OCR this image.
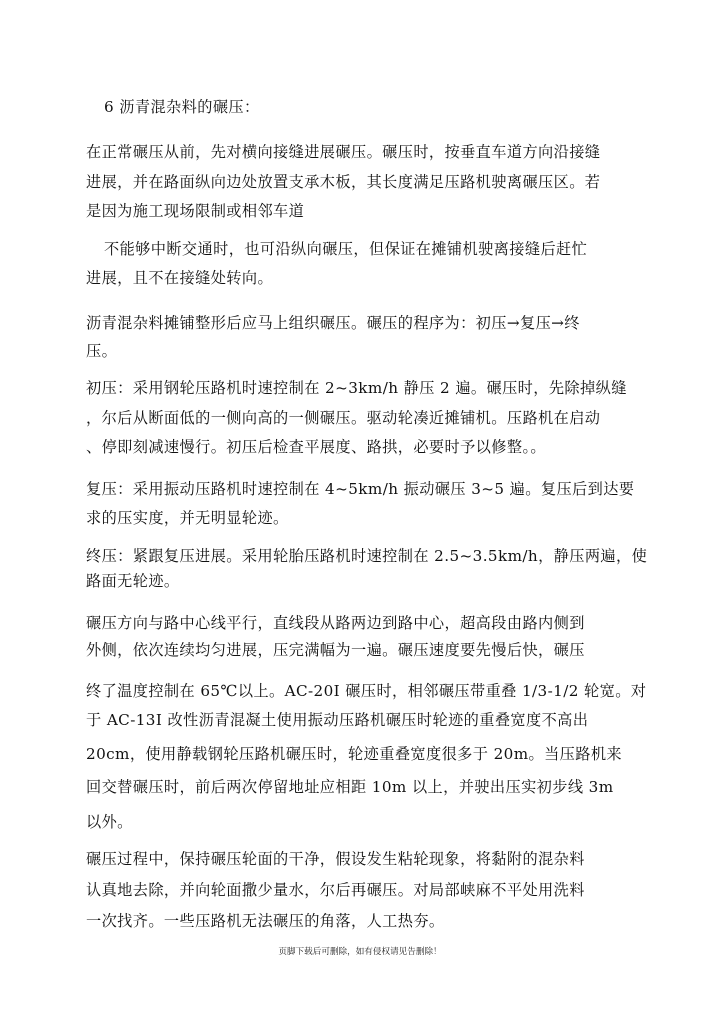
6 沥青混杂料的碾压：
在正常碾压从前，先对横向接缝进展碾压。碾压时，按垂直车道方向沿接缝
进展，并在路面纵向边处放置支承木板，其长度满足压路机驶离碾压区。若
是因为施工现场限制或相邻车道
不能够中断交通时，也可沿纵向碾压，但保证在摊铺机驶离接缝后赶忙
进展，且不在接缝处转向。
沥青混杂料摊铺整形后应马上组织碾压。碾压的程序为：初压→复压→终
压。
初压：采用钢轮压路机时速控制在 2~3km/h 静压 2 遍。碾压时，先除掉纵缝
，尔后从断面低的一侧向高的一侧碾压。驱动轮凑近摊铺机。压路机在启动
、停即刻减速慢行。初压后检查平展度、路拱，必要时予以修整。。
复压：采用振动压路机时速控制在 4~5km/h 振动碾压 3~5 遍。复压后到达要
求的压实度，并无明显轮迹。
终压：紧跟复压进展。采用轮胎压路机时速控制在 2.5~3.5km/h，静压两遍，使
路面无轮迹。
碾压方向与路中心线平行，直线段从路两边到路中心，超高段由路内侧到
外侧，依次连续均匀进展，压完满幅为一遍。碾压速度要先慢后快，碾压
终了温度控制在 65℃以上。AC-20I 碾压时，相邻碾压带重叠 1/3-1/2 轮宽。对
于 AC-13I 改性沥青混凝土使用振动压路机碾压时轮迹的重叠宽度不高出
20cm，使用静载钢轮压路机碾压时，轮迹重叠宽度很多于 20m。当压路机来
回交替碾压时，前后两次停留地址应相距 10m 以上，并驶出压实初步线 3m
以外。
碾压过程中，保持碾压轮面的干净，假设发生粘轮现象，将黏附的混杂料
认真地去除，并向轮面撒少量水，尔后再碾压。对局部峡麻不平处用洗料
一次找齐。一些压路机无法碾压的角落，人工热夯。
页脚下载后可删除，如有侵权请见告删除！
